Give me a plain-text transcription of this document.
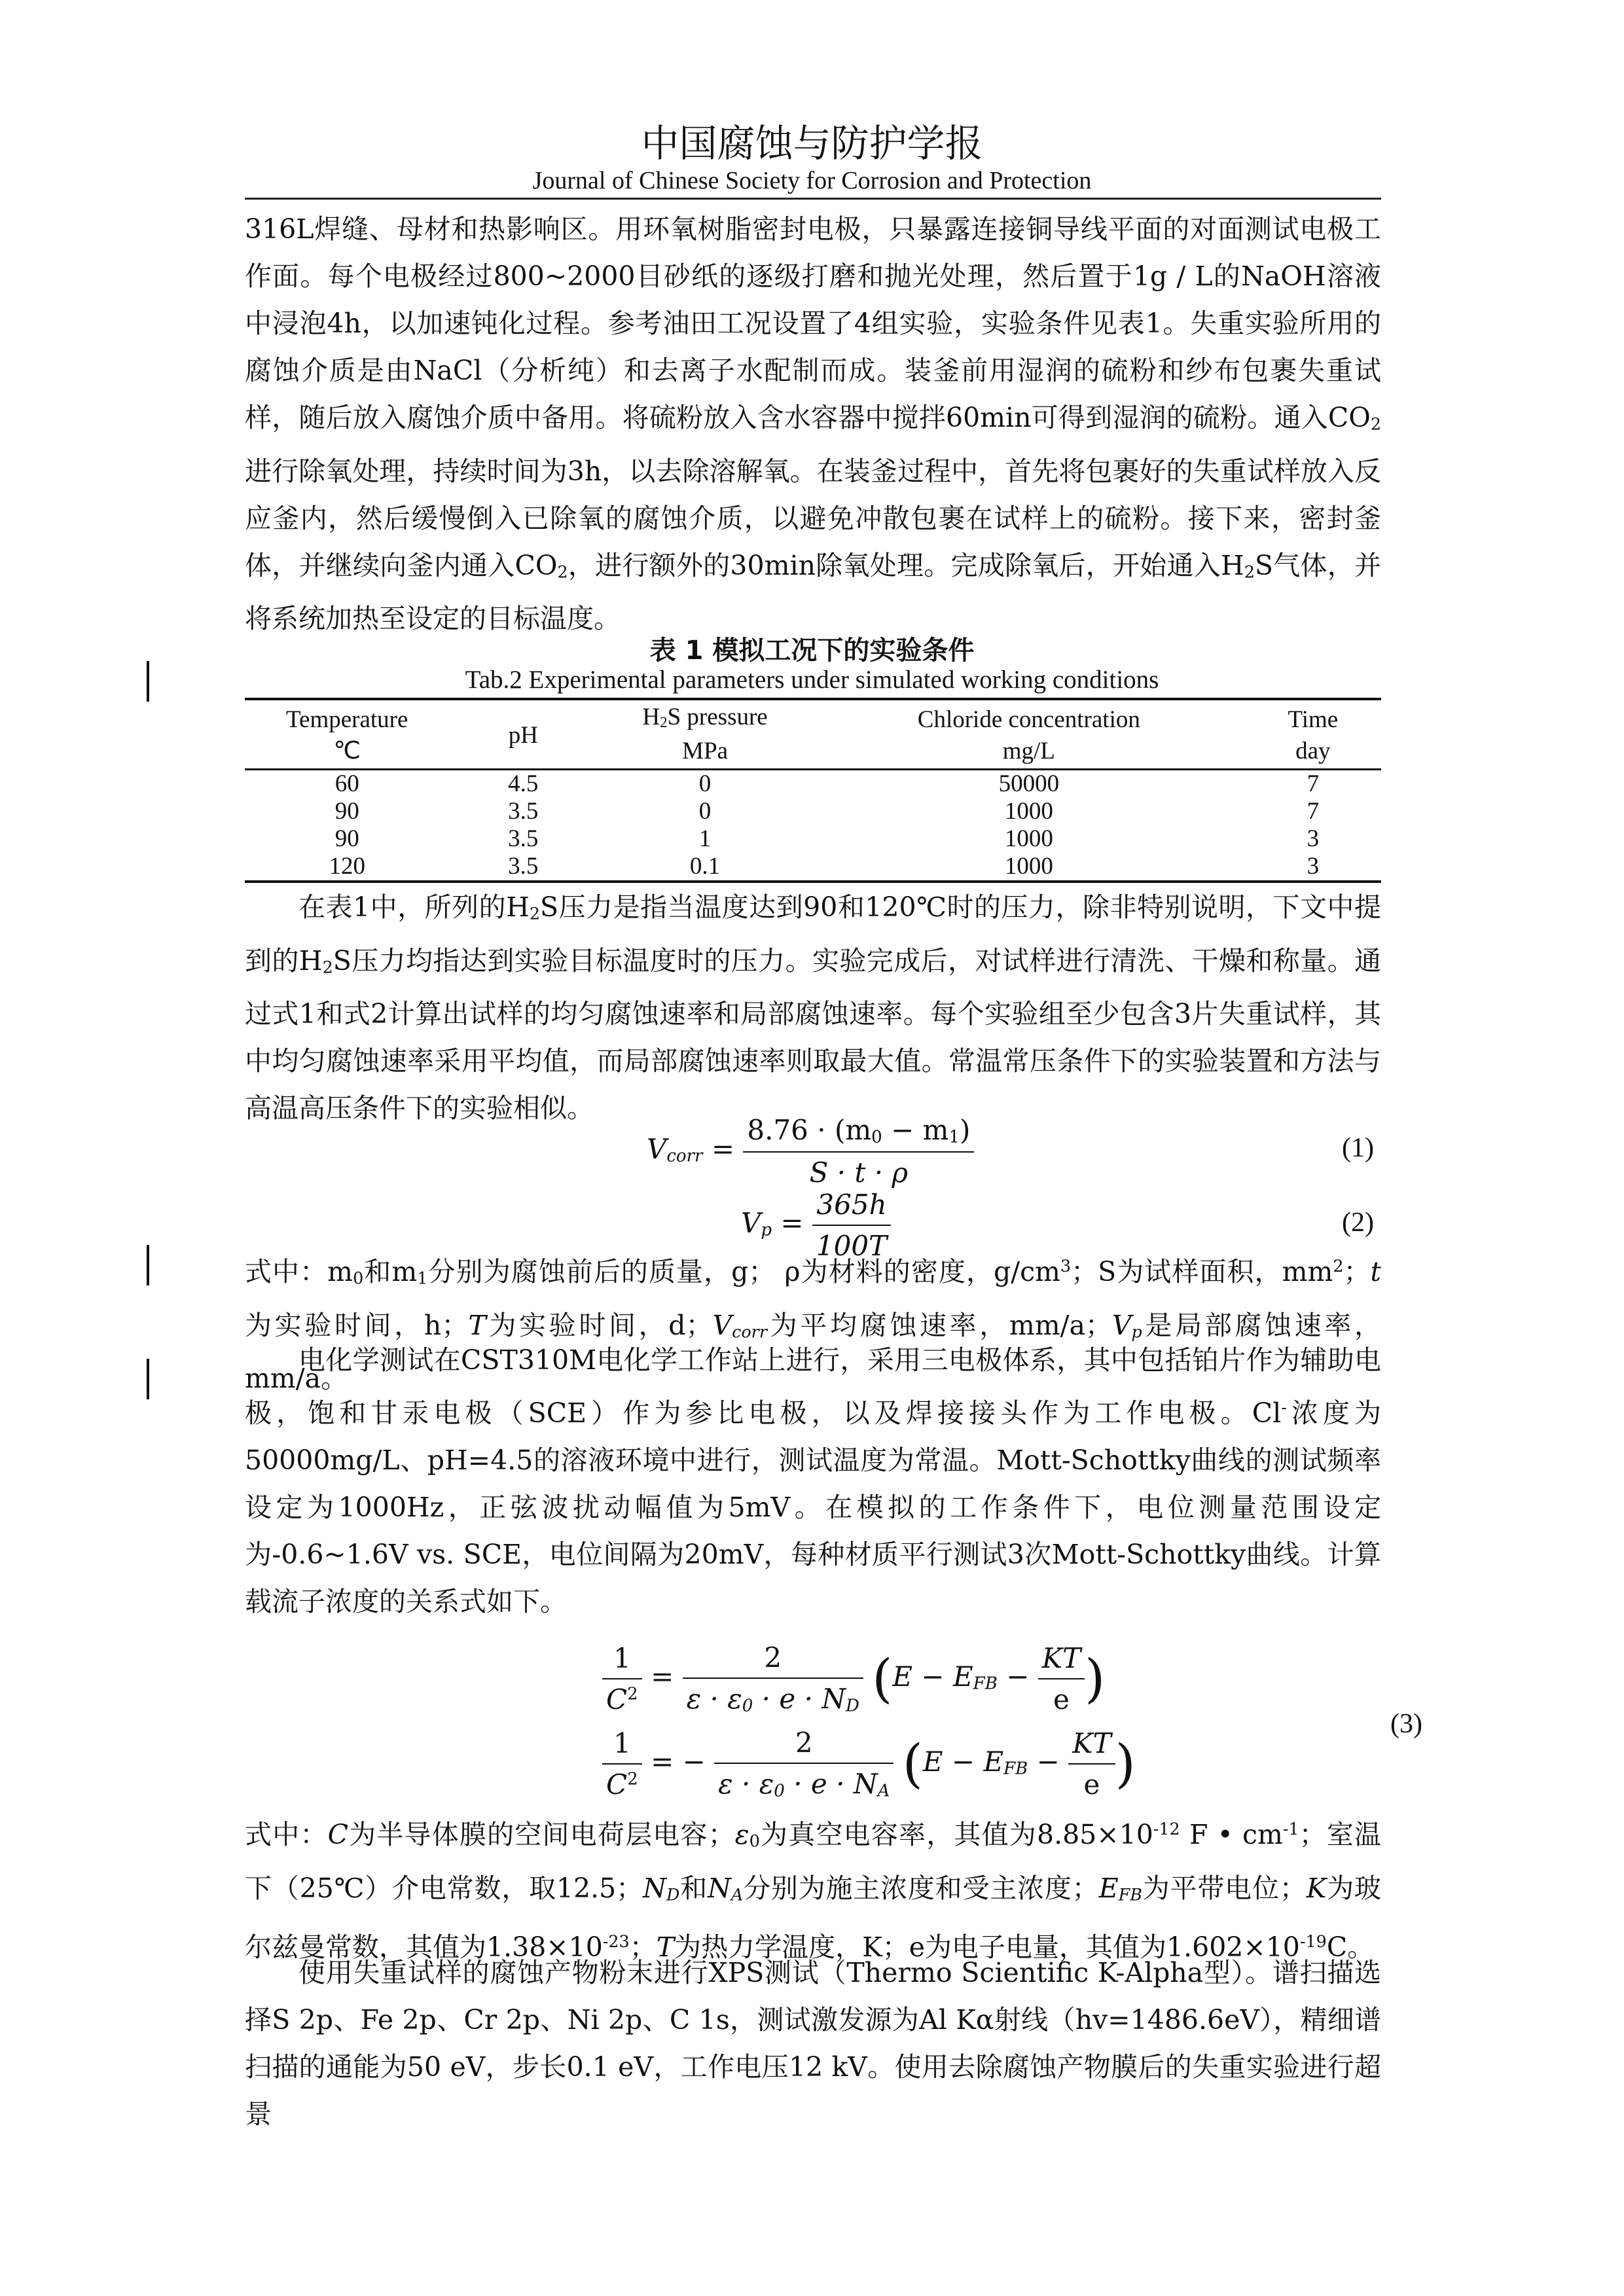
中国腐蚀与防护学报
Journal of Chinese Society for Corrosion and Protection

316L焊缝、母材和热影响区。用环氧树脂密封电极，只暴露连接铜导线平面的对面测试电极工作面。每个电极经过800~2000目砂纸的逐级打磨和抛光处理，然后置于1g / L的NaOH溶液中浸泡4h，以加速钝化过程。参考油田工况设置了4组实验，实验条件见表1。失重实验所用的腐蚀介质是由NaCl（分析纯）和去离子水配制而成。装釜前用湿润的硫粉和纱布包裹失重试样，随后放入腐蚀介质中备用。将硫粉放入含水容器中搅拌60min可得到湿润的硫粉。通入CO2进行除氧处理，持续时间为3h，以去除溶解氧。在装釜过程中，首先将包裹好的失重试样放入反应釜内，然后缓慢倒入已除氧的腐蚀介质，以避免冲散包裹在试样上的硫粉。接下来，密封釜体，并继续向釜内通入CO2，进行额外的30min除氧处理。完成除氧后，开始通入H2S气体，并将系统加热至设定的目标温度。

表 1 模拟工况下的实验条件
Tab.2 Experimental parameters under simulated working conditions
Temperature	pH	H2S pressure	Chloride concentration	Time
℃		MPa	mg/L	day
60	4.5	0	50000	7
90	3.5	0	1000	7
90	3.5	1	1000	3
120	3.5	0.1	1000	3

在表1中，所列的H2S压力是指当温度达到90和120℃时的压力，除非特别说明，下文中提到的H2S压力均指达到实验目标温度时的压力。实验完成后，对试样进行清洗、干燥和称量。通过式1和式2计算出试样的均匀腐蚀速率和局部腐蚀速率。每个实验组至少包含3片失重试样，其中均匀腐蚀速率采用平均值，而局部腐蚀速率则取最大值。常温常压条件下的实验装置和方法与高温高压条件下的实验相似。

Vcorr = $\frac{8.76 \cdot (m0 - m1)}{S \cdot t \cdot \rho}$	(1)
$Vp = \frac{365h}{100T}$	(2)

式中：m0和m1分别为腐蚀前后的质量，g； ρ为材料的密度，$g/cm^3$；S为试样面积，$mm^2$；t为实验时间，h；T为实验时间，d；Vcorr为平均腐蚀速率，mm/a；Vp是局部腐蚀速率，mm/a。

电化学测试在CST310M电化学工作站上进行，采用三电极体系，其中包括铂片作为辅助电极，饱和甘汞电极（SCE）作为参比电极，以及焊接接头作为工作电极。Cl-浓度为50000mg/L、pH=4.5的溶液环境中进行，测试温度为常温。Mott-Schottky曲线的测试频率设定为1000Hz，正弦波扰动幅值为5mV。在模拟的工作条件下，电位测量范围设定为-0.6~1.6V vs. SCE，电位间隔为20mV，每种材质平行测试3次Mott-Schottky曲线。计算载流子浓度的关系式如下。

$\frac{1}{C^2} = \frac{2}{\varepsilon \cdot \varepsilon 0 \cdot e \cdot ND} (E$ − EFB − $\frac{KT}{e}$ )
$\frac{1}{C^2}$ = − $\frac{2}{\varepsilon \cdot \varepsilon 0 \cdot e \cdot NA} (E$ − EFB − $\frac{KT}{e}$ )
(3)

式中：C为半导体膜的空间电荷层电容；ε0为真空电容率，其值为$8.85\times 10^{-12}$ F • $cm^{-1}$；室温下（25℃）介电常数，取12.5；ND和NA分别为施主浓度和受主浓度；EFB为平带电位；K为玻尔兹曼常数，其值为$1.38\times 10^{-23}$；T为热力学温度，K；e为电子电量，其值为$1.602\times 10^{-19}C$。

使用失重试样的腐蚀产物粉末进行XPS测试（Thermo Scientific K-Alpha型）。谱扫描选择S 2p、Fe 2p、Cr 2p、Ni 2p、C 1s，测试激发源为Al Kα射线（hv=1486.6eV），精细谱扫描的通能为50 eV，步长0.1 eV，工作电压12 kV。使用去除腐蚀产物膜后的失重实验进行超景
